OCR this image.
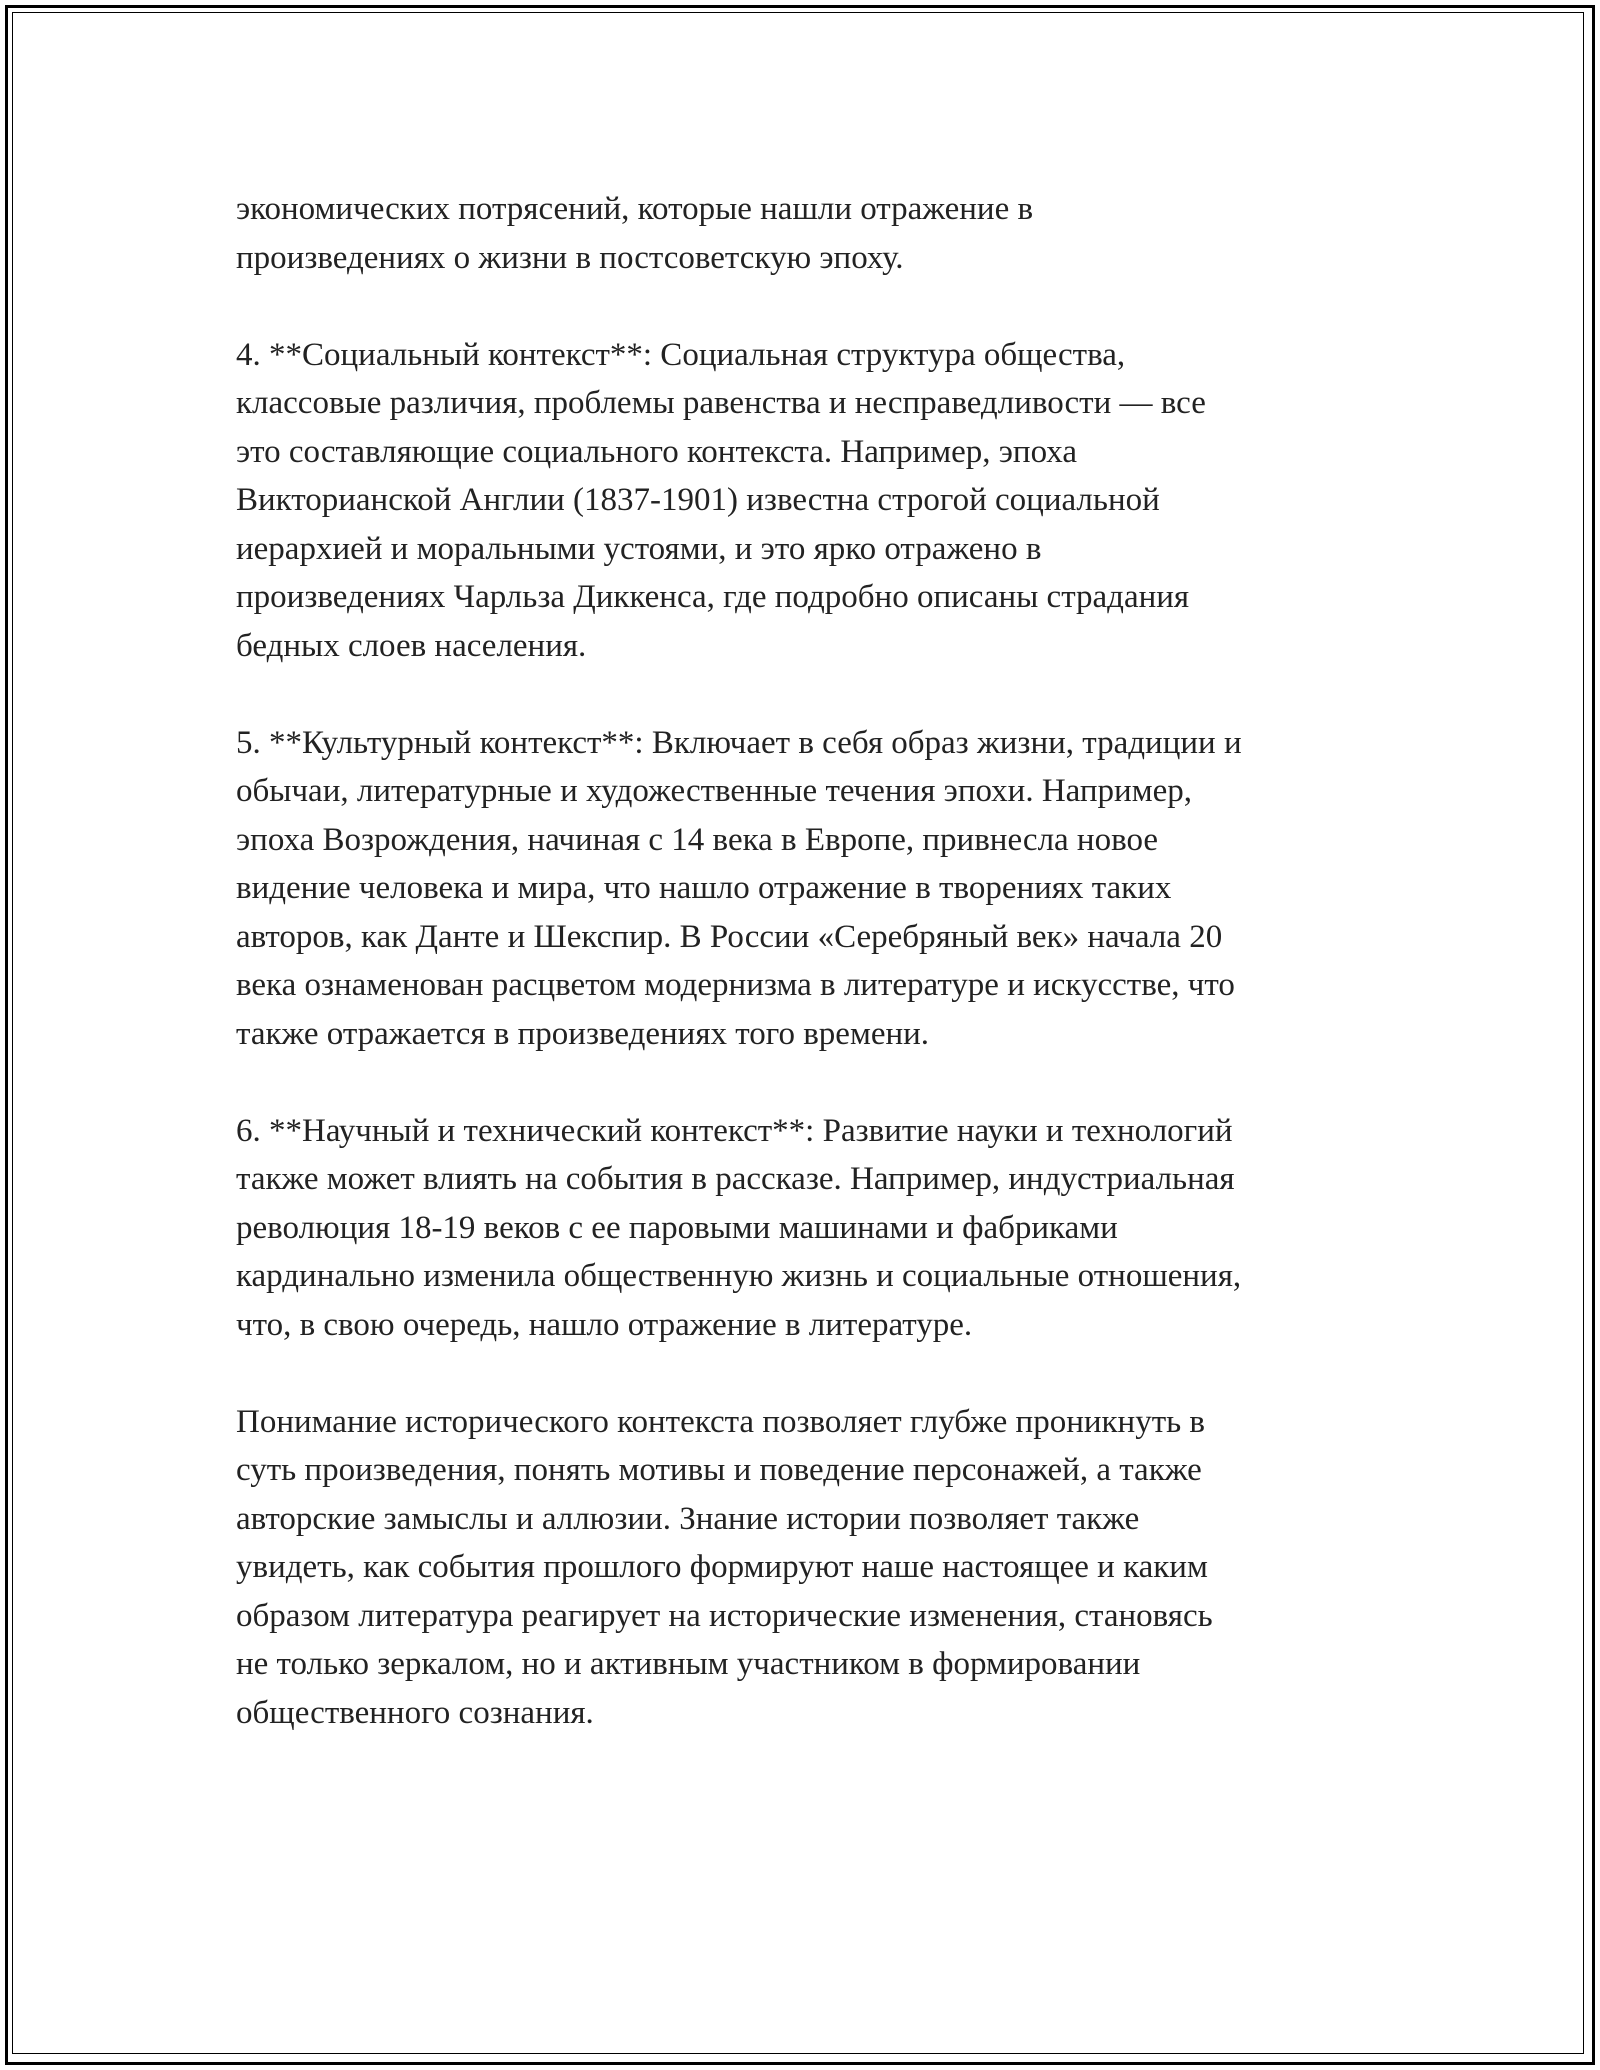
экономических потрясений, которые нашли отражение в
произведениях о жизни в постсоветскую эпоху.
4. **Социальный контекст**: Социальная структура общества,
классовые различия, проблемы равенства и несправедливости — все
это составляющие социального контекста. Например, эпоха
Викторианской Англии (1837-1901) известна строгой социальной
иерархией и моральными устоями, и это ярко отражено в
произведениях Чарльза Диккенса, где подробно описаны страдания
бедных слоев населения.
5. **Культурный контекст**: Включает в себя образ жизни, традиции и
обычаи, литературные и художественные течения эпохи. Например,
эпоха Возрождения, начиная с 14 века в Европе, привнесла новое
видение человека и мира, что нашло отражение в творениях таких
авторов, как Данте и Шекспир. В России «Серебряный век» начала 20
века ознаменован расцветом модернизма в литературе и искусстве, что
также отражается в произведениях того времени.
6. **Научный и технический контекст**: Развитие науки и технологий
также может влиять на события в рассказе. Например, индустриальная
революция 18-19 веков с ее паровыми машинами и фабриками
кардинально изменила общественную жизнь и социальные отношения,
что, в свою очередь, нашло отражение в литературе.
Понимание исторического контекста позволяет глубже проникнуть в
суть произведения, понять мотивы и поведение персонажей, а также
авторские замыслы и аллюзии. Знание истории позволяет также
увидеть, как события прошлого формируют наше настоящее и каким
образом литература реагирует на исторические изменения, становясь
не только зеркалом, но и активным участником в формировании
общественного сознания.
